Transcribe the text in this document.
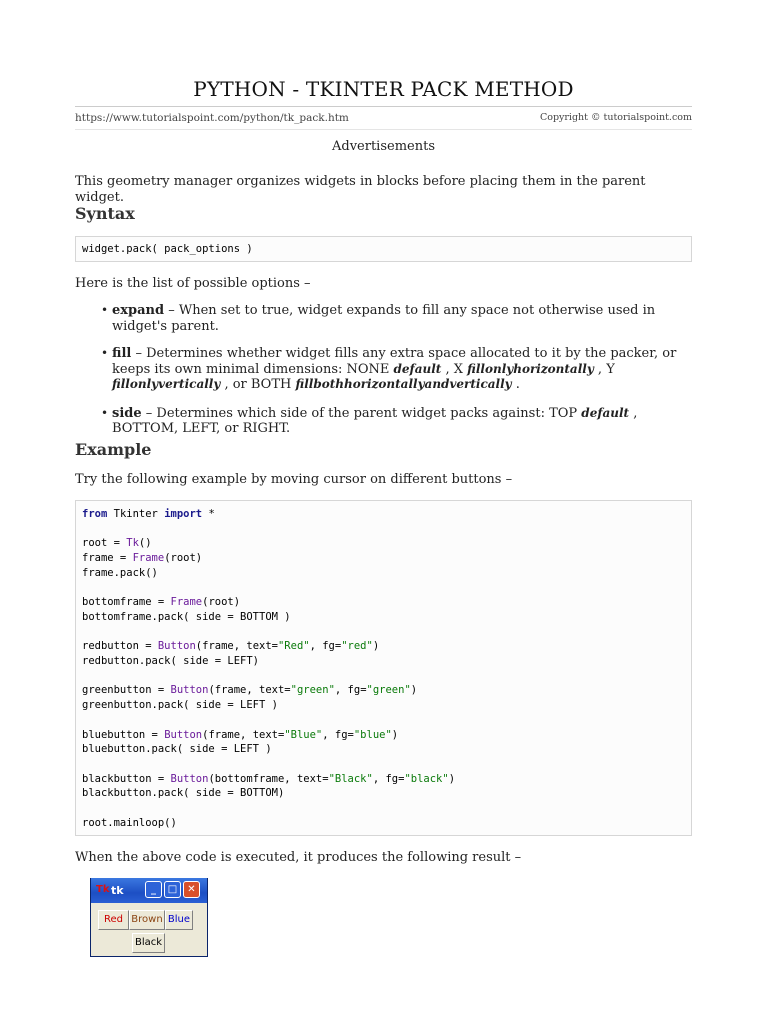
PYTHON - TKINTER PACK METHOD
https://www.tutorialspoint.com/python/tk_pack.htm	Copyright © tutorialspoint.com
Advertisements

This geometry manager organizes widgets in blocks before placing them in the parent widget.

Syntax
widget.pack( pack_options )

Here is the list of possible options –

• expand – When set to true, widget expands to fill any space not otherwise used in widget's parent.
• fill – Determines whether widget fills any extra space allocated to it by the packer, or keeps its own minimal dimensions: NONE default , X fillonlyhorizontally , Y fillonlyvertically , or BOTH fillbothhorizontallyandvertically .
• side – Determines which side of the parent widget packs against: TOP default , BOTTOM, LEFT, or RIGHT.
Example

Try the following example by moving cursor on different buttons –

from Tkinter import *

root = Tk()
frame = Frame(root)
frame.pack()

bottomframe = Frame(root)
bottomframe.pack( side = BOTTOM )

redbutton = Button(frame, text="Red", fg="red")
redbutton.pack( side = LEFT)

greenbutton = Button(frame, text="green", fg="green")
greenbutton.pack( side = LEFT )

bluebutton = Button(frame, text="Blue", fg="blue")
bluebutton.pack( side = LEFT )

blackbutton = Button(bottomframe, text="Black", fg="black")
blackbutton.pack( side = BOTTOM)

root.mainloop()

When the above code is executed, it produces the following result –

Tk tk	_	□	✕
Red Brown Blue
Black
